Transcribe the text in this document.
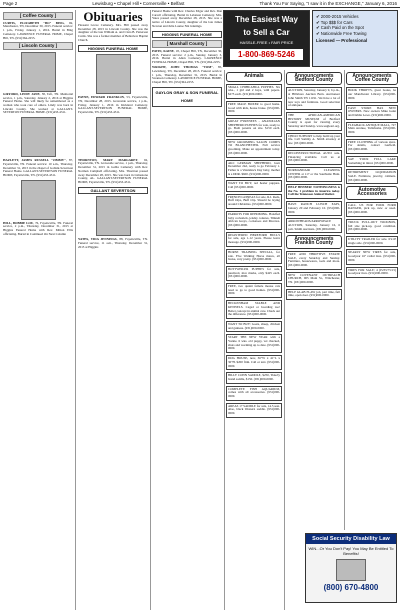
Page 2	Lewisburg • Chapel Hill • Cornersville • Belfast	Thank You For Saying, "I saw it in the EXCHANGE," January 6, 2016
[ Coffee County ]

CURTIS, ELIZABETH "BO" BING, 69, Manchester, TN, December 30, 2015. Funeral service: 1 p.m., Friday, January 1, 2016. Burial in Bing Cemetery. LAWRENCE FUNERAL HOME, Chapel Hill, TN. (931)364-2255.

[ Lincoln County ]

GIFFORD, LINDY JANE, 58, Taft, TN. Memorial service, 1 p.m., Saturday, January 2, 2016 at Higgins Funeral Home. She will likely be remembered as a woman who took care of others. Lindy was born in Lincoln County. She worked at GALLANT-SEVERTON FUNERAL HOME. (931)433-4311.

HAZLETT, JAMES RUSSELL "JIMMY", 87, Fayetteville, TN. Funeral service: 10 a.m., Thursday, December 31, 2015 in the chapel of Gallant-Severtson Funeral Home. GALLANT-SEVERTSON FUNERAL HOME, Fayetteville, TN. (931)433-4311.

HILL, BOBBIE LOU, 76, Fayetteville, TN. Funeral service, 2 p.m., Thursday, December 31, 2015 at Higgins Funeral Home with Rev. Milton Ellis officiating. Burial in Continued On Next Column

Obituaries

Pleasant Grove Cemetery. Mrs. Hill passed away December 28, 2015 in Lincoln County. She was the daughter of the late William A. and Clara B. Patterson Curtis. She was a former member of Belleview Baptist Church.

HIGGINS FUNERAL HOME

PAYNE, EDWARD FRANKLIN, 53, Fayetteville, TN, December 28, 2015. Graveside service, 1 p.m., Friday, January 1, 2016 in Kirkland Cemetery. GALLANT-SEVERTSON FUNERAL HOME, Fayetteville, TN. (931)433-4311.

THORNTON, MARY MARGARET, 92, Fayetteville, TN. Graveside service, 1 p.m., Thursday, December 31, 2015 in Gallia Cemetery with Rev. Norman Campbell officiating. Mrs. Thornton passed away December 28, 2015. She was born in Limestone County, AL. GALLANT-SEVERTSON FUNERAL HOME, Fayetteville, TN. (931)433-4311.

GALLANT SEVERTSON

YATES, VIDA JENNINGS, 88, Fayetteville, TN. Funeral service, 11 a.m., Thursday, December 31, 2015 at Higgins

Funeral Home with Rev. Charles Edgar and Rev. Dan Carroll officiating. Burial in Lebanon Cemetery. Mrs. Yates passed away December 28, 2015. She was a native of Lincoln County, daughter of the late James Newton and Julia Louise Nix Jennings.

HIGGINS FUNERAL HOME
[ Marshall County ]

PATIN, KAINE, 18, Chapel Hill, TN, December 30, 2015. Funeral service: 2 p.m., Sunday, January 3, 2016. Burial in Allen Cemetery. LAWRENCE FUNERAL HOME, Chapel Hill, TN. (931)364-2255.

WRIGHT, JOHN THOMAS "TOM", 85, Lewisburg, TN, December 28, 2015. Funeral service: 1 p.m., Thursday, December 31, 2015. Burial in Swanson Cemetery. LAWRENCE FUNERAL HOME, Chapel Hill, TN. (931)364-2255.

GAYLON GRAY & SON FUNERAL HOME
The Easiest Way
to Sell a Car
HASSLE-FREE • FAIR PRICE
1-800-869-5246
✔ 2000-2015 Vehicles
✔ Top $$$ for Cars
✔ Cash Paid on the Spot
✔ Nationwide Free Towing
Licensed — Professional
Animals
SMALL CHIHUAHUA PUPPIES. Six wks., 1 girl and 2 boys, with papers. $275 each. (931)000-0000.
FREE MALE BOXER to good home. Good with kids, house broke. (931)000-0000.
GREAT PYRENEES - ANATOLIAN SHEPHERD PUPPIES for sale, ready to go. Both parents on site. $150 each. (931)000-0000.
NEW GROOMING SALON COMES TO BLANCHESTER. Full service grooming. Make an appointment today. (931)000-0000.
AKC GERMAN SHEPHERD, born December 2nd, ready to go February 1. Father is a Valentine's Day baby, mother is a DDR. $600. (931)000-0000.
WANT TO BUY, red heeler puppies. Call (931)000-0000.
FRENCH GUINEAS for sale, R.I. Reds, Buff Orps, Buff Orp. Should be laying around Christmas. (931)000-0000.
PARROTS FOR REHOMING. Handfed baby cockatiels, jenday conures, Timneh African Greys, cockatoos and Macaws. (931)000-0000.
REGISTERED HEREFORD BULLS for sale, age 1-12 years. Please leave message. (931)000-0000.
HORSE TRAINING SPECIAL, for sale. Five Walking Horse mares, all broke, very pretty. (931)000-0000.
BOTTWEILER PUPPIES for sale, purebred, nice marks, only $425 each. (931)000-0000.
FREE, two quaint female mouse cats need to go to good homes. (931)000-0000.
BECKENHAM STABLE AND KENNELS. Caged or boarding too! Better concept in animal care. Check out the difference. (931)000-0000.
WANT TO BUY: Goats, sheep, chicken and guineas. (931)000-0000.
START THE NEW YEAR with a Yorkie. 6 wks. old puppy, vet checked, shots and worming up to date. (931)000-0000.
DOG HOUSE, new, 36"W x 41"L x 30"H. $200 firm. Call or text. (931)000-0000.
BILLY CONN SADDLE, $250, Tiskcly brand saddle, $150. (931)000-0000.
COMPLETE FISH AQUARIUM, comes with all accessories. (931)000-0000.
AREAS 17 SADDLE for sale, 14.5 seat. Also, black Western saddle. (931)000-0000.
Announcements Bedford County
AUCTION, Saturday, January 9, 6 p.m., at Hillsboro Auction Barn. Auctioneer John Smith TN 11191. We have a lot of new toys and furniture. Good selection of antiques.
THE AFRICAN-AMERICAN HISTORY MUSEUM of Bedford County is open for viewing every Saturday and Sunday. www.eagleart.org.
CHILD SUPPORT to help build up your life. Call Sammy A. Smith attorney at law. (931)000-0000.
RECONSTRUCTIONAL AUTO sale. Financing available. Call us at (931)000-0000.
NORMANDAIR CLEANING CENTER at 117 or the Southside Hunt. (931)000-0000.
HELP HEEBER! NOTHINGNESS is the No. 1 problem in America today. Call the Tennessee Animal Shelter.
HAVE RANCH LUNCH EATS, January 20 and February 10. (931)000-0000.
ARROWHEADS/ARROWPACE AUCTION, Saturday, January 16, 6 p.m. Smith Auctions. (931)000-0000.
Announcements Franklin County
FREE AND THRIFTIVE ESTATE SALE, every Saturday and Sunday. Furniture, housewares, tools and more. (931)000-0000.
NEW COVENANT OUTREACH CHURCH, 905 Main St., Winchester, TN. (931)000-0000.
HELP GLAB FLAW job, part time, full time, open door. (931)000-0000.
Announcements Coffee County
BOOK THRIFTS, great books, be our Manchester Library. (931)000-0000.
EAST STORE HAS NEW OWNERS. New owners Mike Gann and Dahlia Lowe. (931)000-0000.
FLEABACK ANTIQUE MALL, 727 Main Avenue, Tullahoma. (931)000-0000.
FREE CLOTHING of various sizes. For details, contact Garfield. (931)000-0000.
SAY YOUR FULL LAKE Something in mind. (931)000-0000.
RETIREMENT LIQUIDATION SALE. Furniture, jewelry, cabinets. (931)000-0000.
Automotive Accessories
CALL US FOR FOUR FORD RANGER, pick up, new or used. (931)000-0000.
TRUCK PULL-OUT TOOLBOX, full size pick-up, good condition. (931)000-0000.
UTILITY TRAILER for sale. 6'x10' single axle. (931)000-0000.
NEARLY NEW TIRES for sale, Goodyear 16" radial tires. (931)000-0000.
TIRES FOR SALE: 4 (P235/75/15) Goodyear tires. (931)000-0000.
Social Security Disability Law
WIN...Or You Don't Pay! You May Be Entitled To Benefits!
(800) 670-4800
